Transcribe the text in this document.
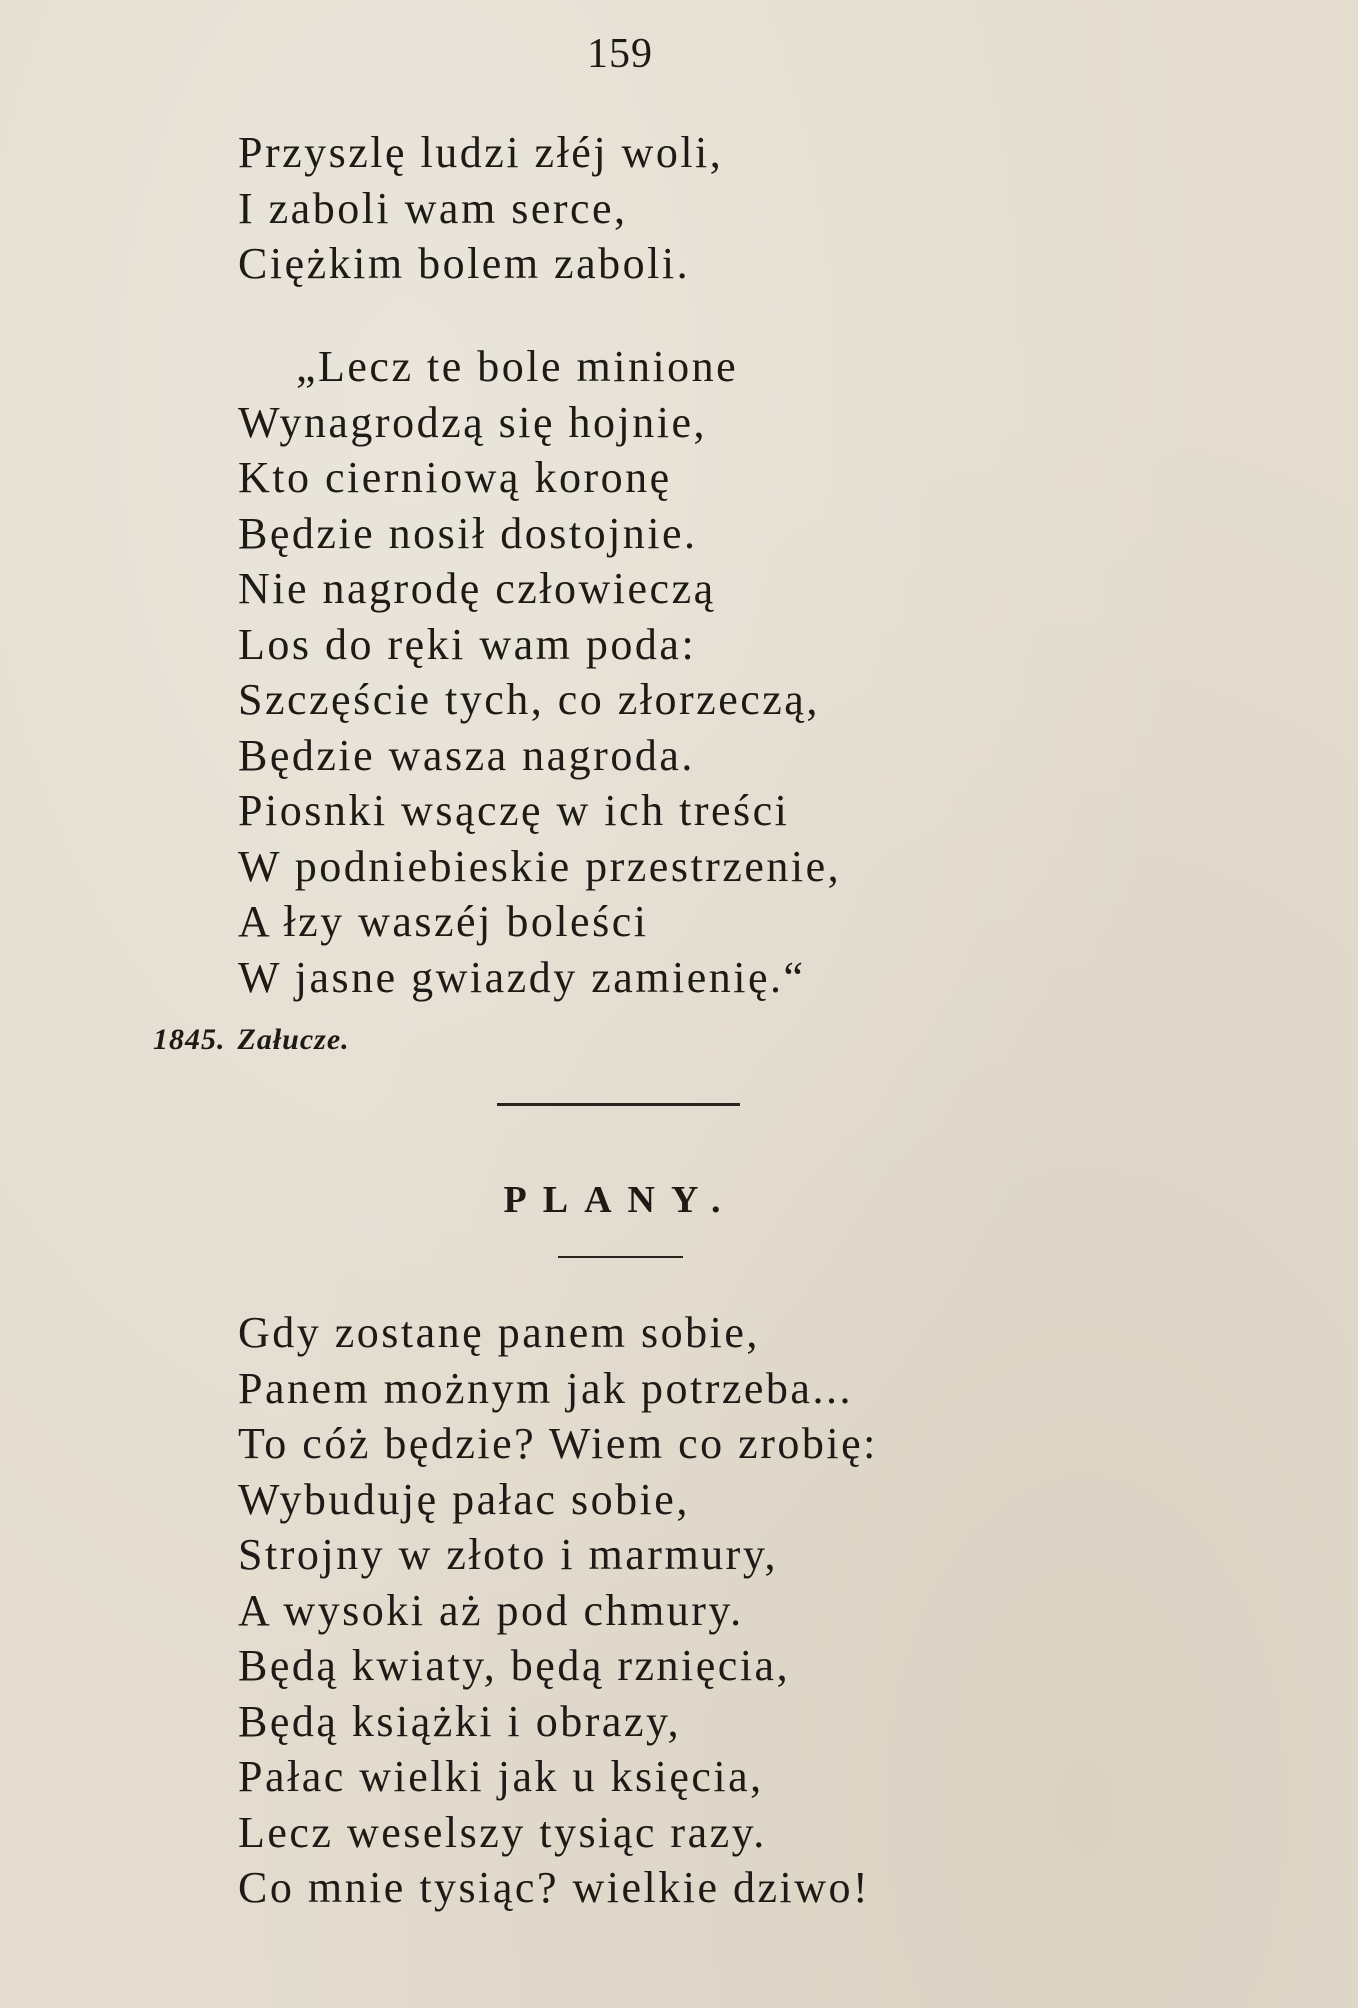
159
Przyszlę ludzi złéj woli,
I zaboli wam serce,
Ciężkim bolem zaboli.
„Lecz te bole minione
Wynagrodzą się hojnie,
Kto cierniową koronę
Będzie nosił dostojnie.
Nie nagrodę człowieczą
Los do ręki wam poda:
Szczęście tych, co złorzeczą,
Będzie wasza nagroda.
Piosnki wsączę w ich treści
W podniebieskie przestrzenie,
A łzy waszéj boleści
W jasne gwiazdy zamienię.“
1845. Załucze.
PLANY.
Gdy zostanę panem sobie,
Panem możnym jak potrzeba...
To cóż będzie? Wiem co zrobię:
Wybuduję pałac sobie,
Strojny w złoto i marmury,
A wysoki aż pod chmury.
Będą kwiaty, będą rznięcia,
Będą książki i obrazy,
Pałac wielki jak u księcia,
Lecz weselszy tysiąc razy.
Co mnie tysiąc? wielkie dziwo!
